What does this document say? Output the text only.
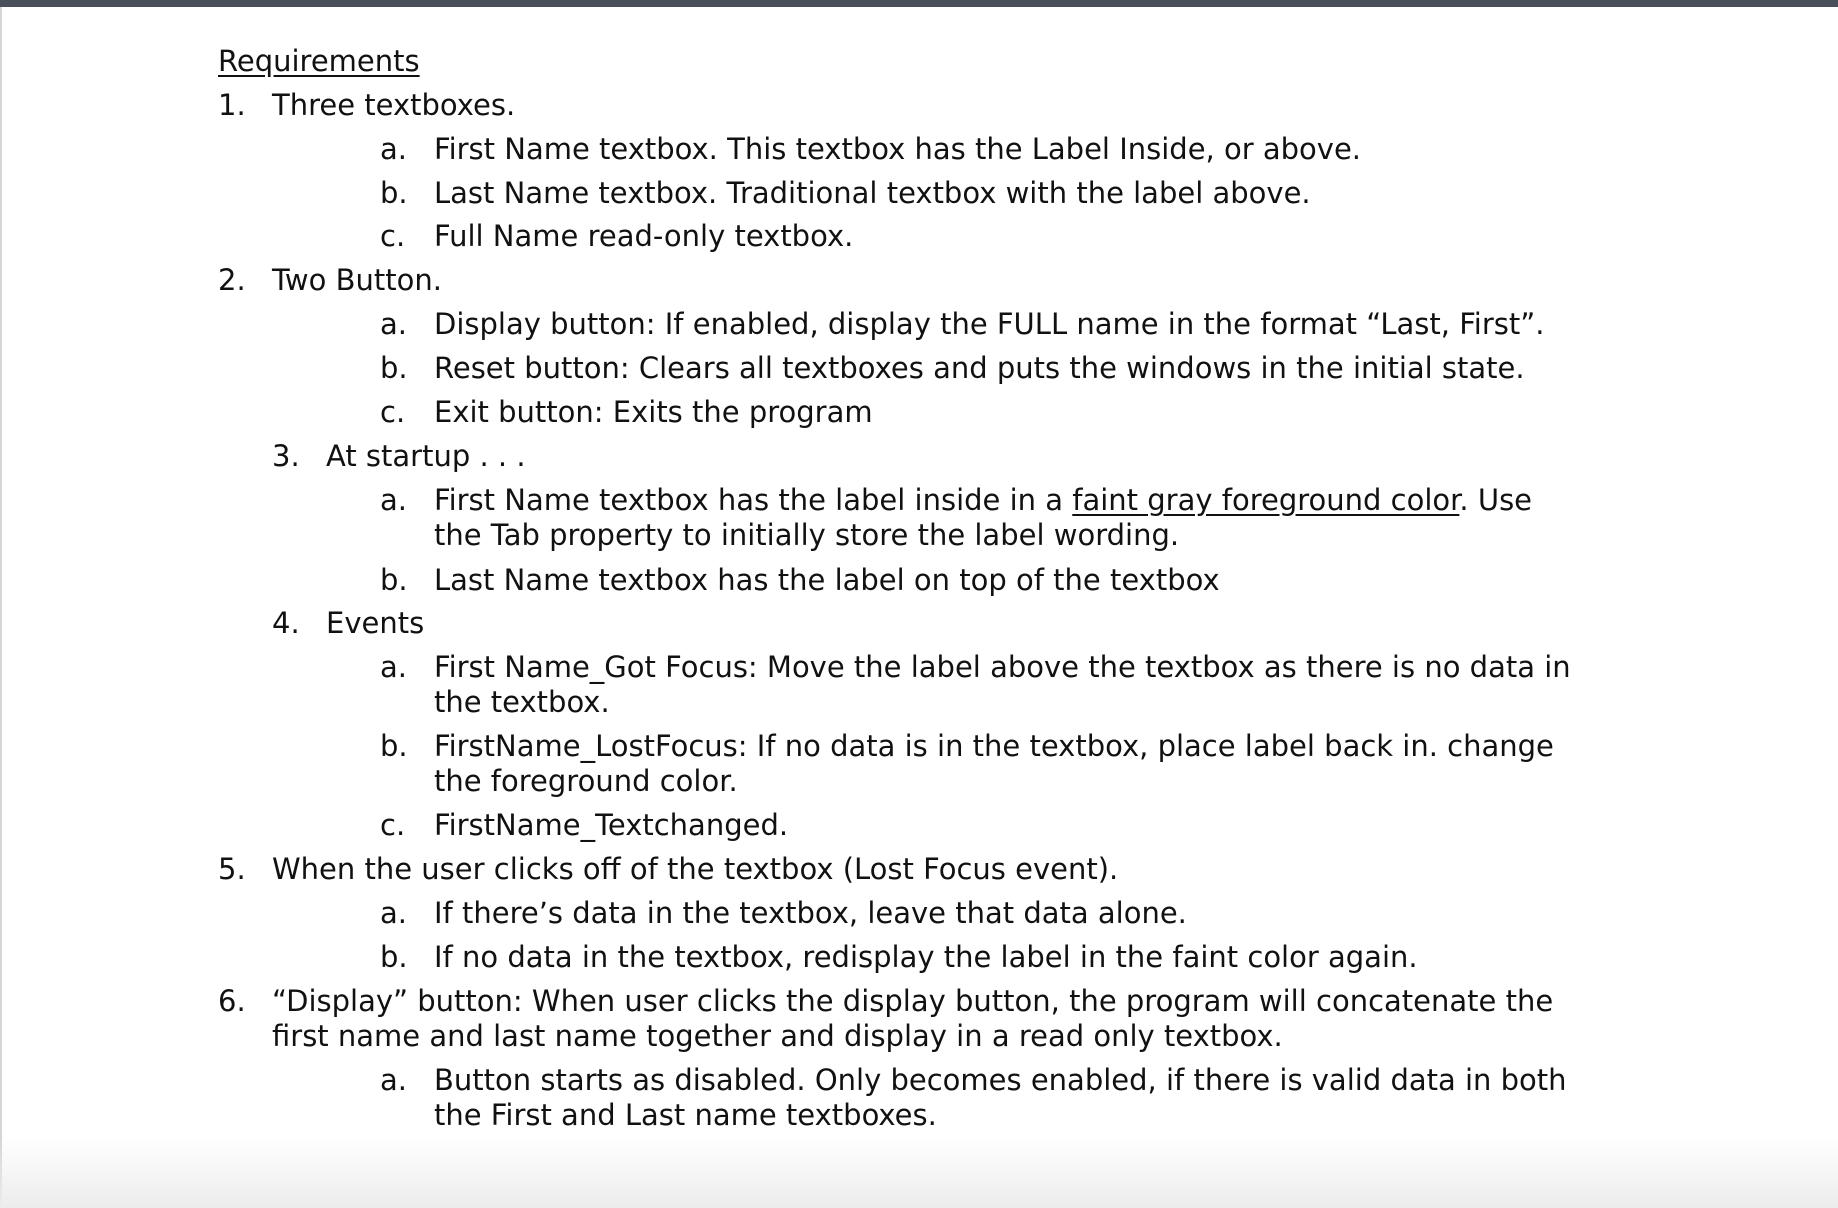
Requirements
1. Three textboxes.
a. First Name textbox. This textbox has the Label Inside, or above.
b. Last Name textbox. Traditional textbox with the label above.
c. Full Name read-only textbox.
2. Two Button.
a. Display button: If enabled, display the FULL name in the format “Last, First”.
b. Reset button: Clears all textboxes and puts the windows in the initial state.
c. Exit button: Exits the program
3. At startup . . .
a. First Name textbox has the label inside in a faint gray foreground color. Use
the Tab property to initially store the label wording.
b. Last Name textbox has the label on top of the textbox
4. Events
a. First Name_Got Focus: Move the label above the textbox as there is no data in
the textbox.
b. FirstName_LostFocus: If no data is in the textbox, place label back in. change
the foreground color.
c. FirstName_Textchanged.
5. When the user clicks off of the textbox (Lost Focus event).
a. If there’s data in the textbox, leave that data alone.
b. If no data in the textbox, redisplay the label in the faint color again.
6. “Display” button: When user clicks the display button, the program will concatenate the
first name and last name together and display in a read only textbox.
a. Button starts as disabled. Only becomes enabled, if there is valid data in both
the First and Last name textboxes.
